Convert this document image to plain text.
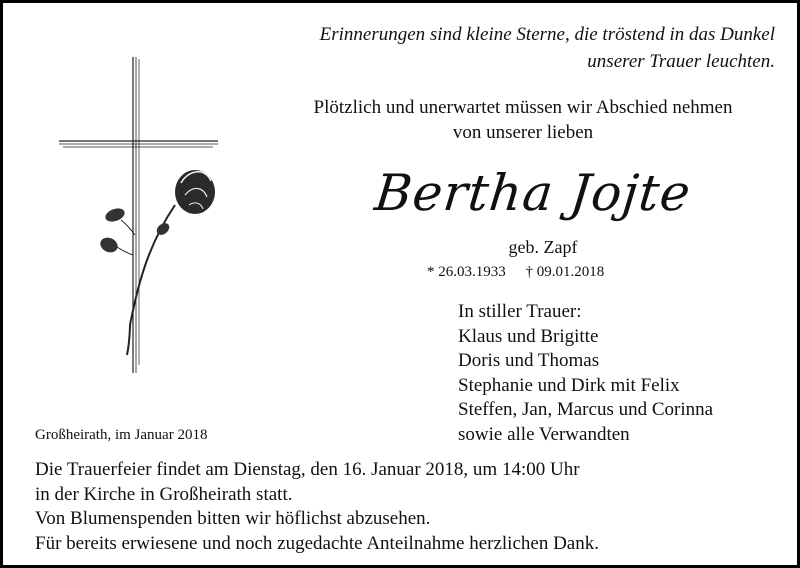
Erinnerungen sind kleine Sterne, die tröstend in das Dunkel
unserer Trauer leuchten.
Plötzlich und unerwartet müssen wir Abschied nehmen
von unserer lieben
Bertha Jojte
geb. Zapf
* 26.03.1933 † 09.01.2018
In stiller Trauer:
Klaus und Brigitte
Doris und Thomas
Stephanie und Dirk mit Felix
Steffen, Jan, Marcus und Corinna
sowie alle Verwandten
Großheirath, im Januar 2018
Die Trauerfeier findet am Dienstag, den 16. Januar 2018, um 14:00 Uhr
in der Kirche in Großheirath statt.
Von Blumenspenden bitten wir höflichst abzusehen.
Für bereits erwiesene und noch zugedachte Anteilnahme herzlichen Dank.
